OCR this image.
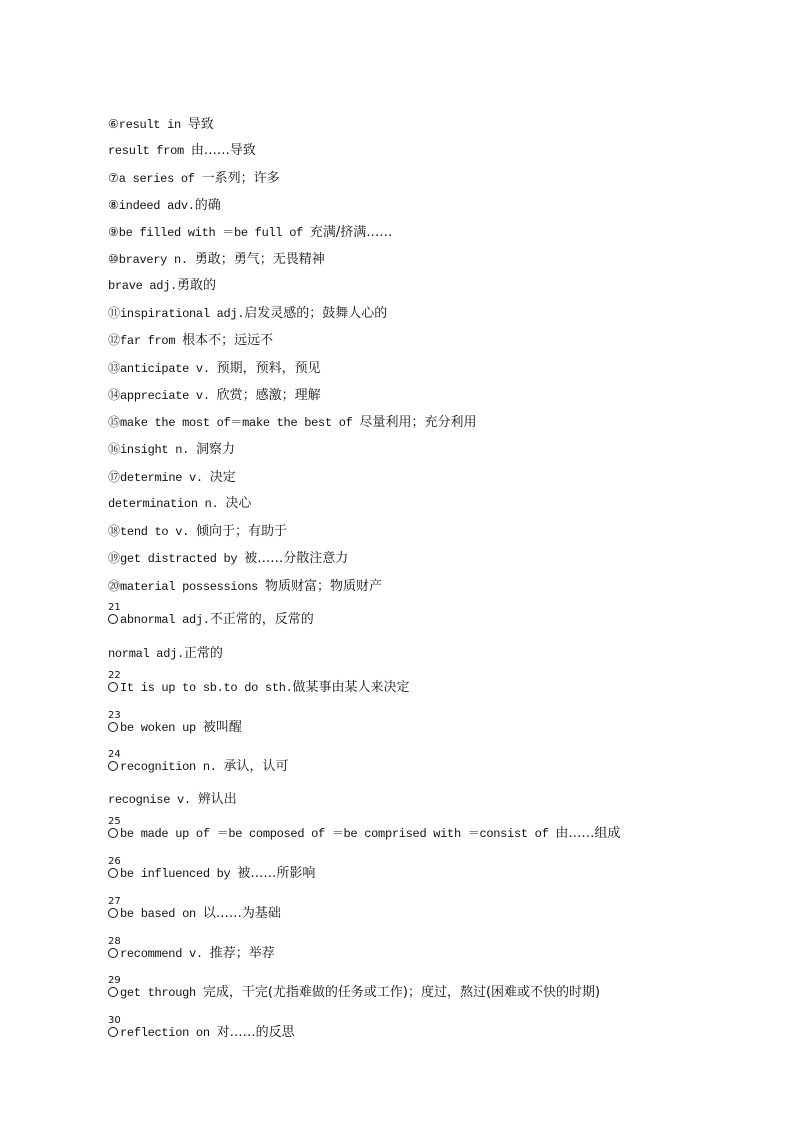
⑥result in 导致
result from 由……导致
⑦a series of 一系列；许多
⑧indeed adv.的确
⑨be filled with ＝be full of 充满/挤满……
⑩bravery n. 勇敢；勇气；无畏精神
brave adj.勇敢的
⑪inspirational adj.启发灵感的；鼓舞人心的
⑫far from 根本不；远远不
⑬anticipate v. 预期，预料，预见
⑭appreciate v. 欣赏；感激；理解
⑮make the most of＝make the best of 尽量利用；充分利用
⑯insight n. 洞察力
⑰determine v. 决定
determination n. 决心
⑱tend to v. 倾向于；有助于
⑲get distracted by 被……分散注意力
⑳material possessions 物质财富；物质财产
21
abnormal adj.不正常的，反常的
normal adj.正常的
22
It is up to sb.to do sth.做某事由某人来决定
23
be woken up 被叫醒
24
recognition n. 承认，认可
recognise v. 辨认出
25
be made up of ＝be composed of ＝be comprised with ＝consist of 由……组成
26
be influenced by 被……所影响
27
be based on 以……为基础
28
recommend v. 推荐；举荐
29
get through 完成，干完(尤指难做的任务或工作)；度过，熬过(困难或不快的时期)
30
reflection on 对……的反思
